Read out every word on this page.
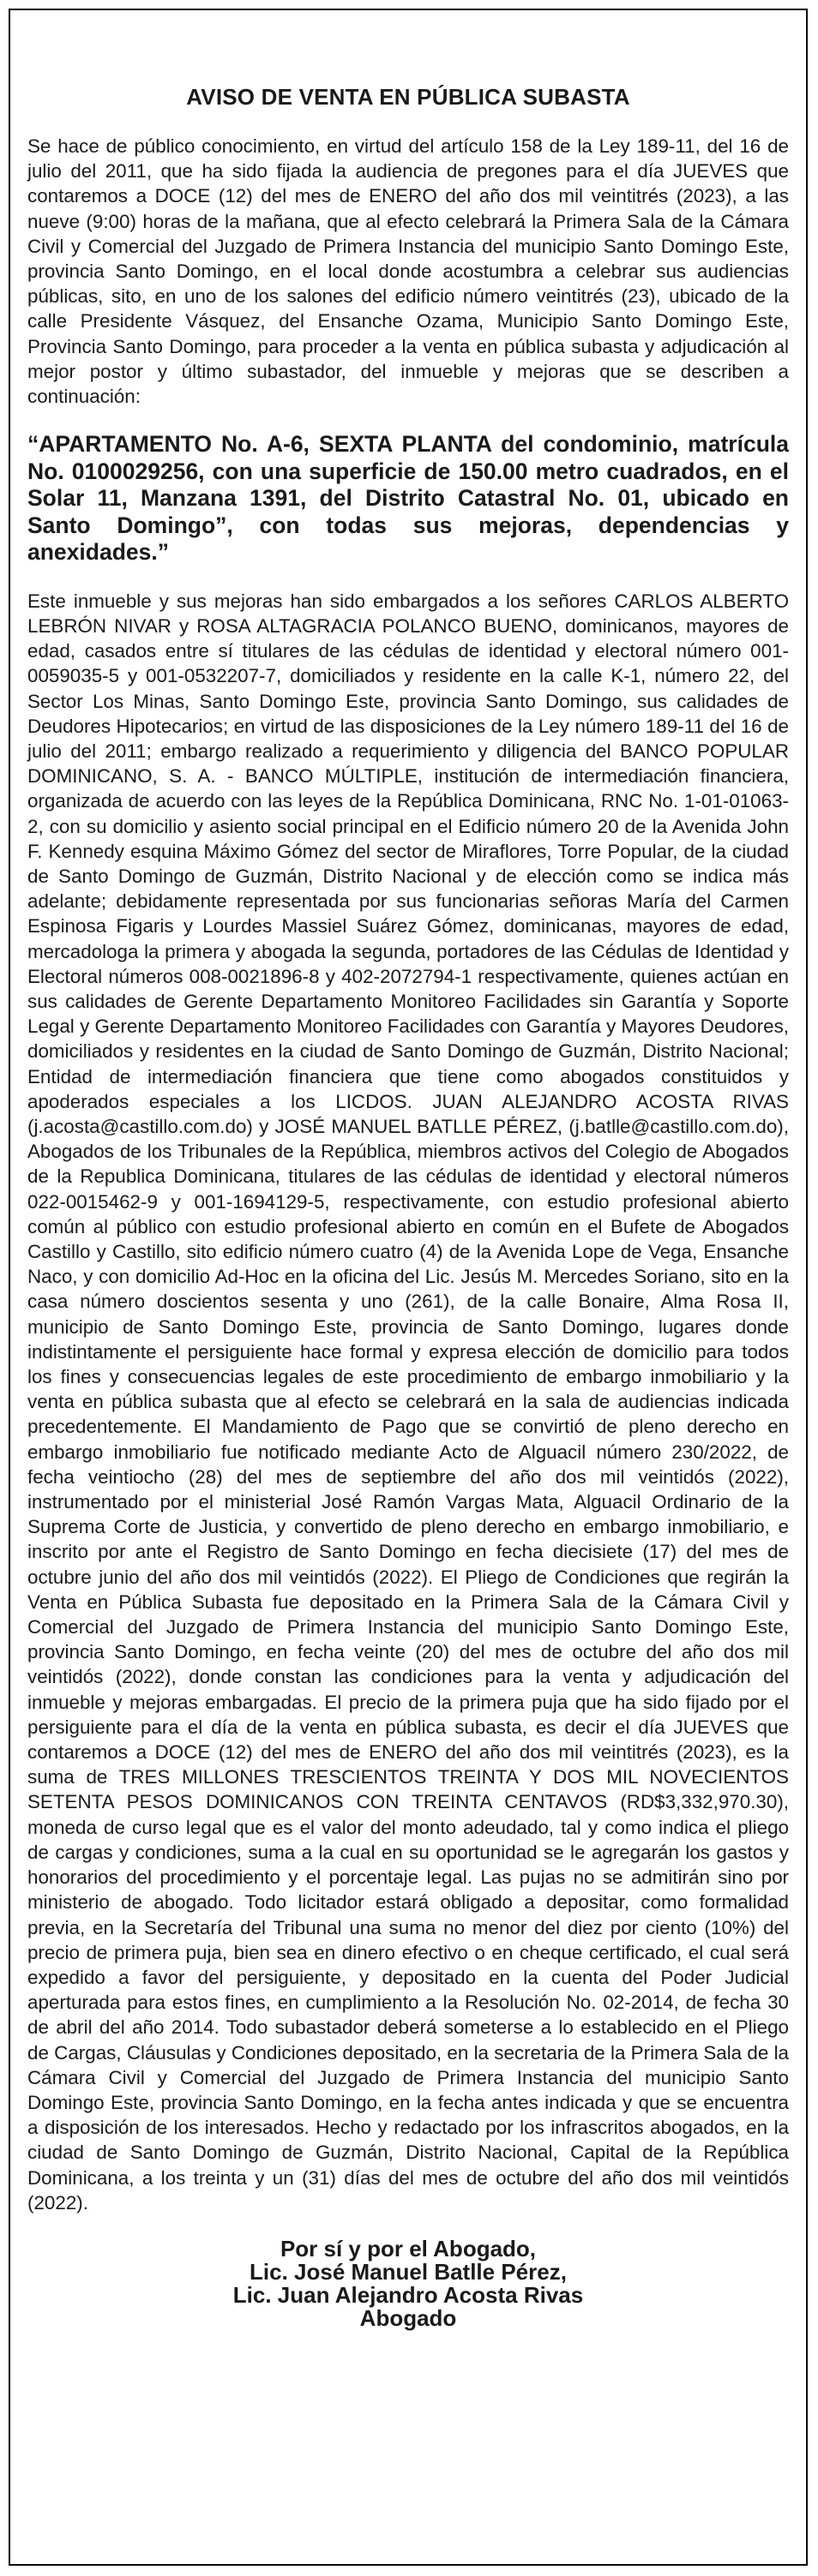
AVISO DE VENTA EN PÚBLICA SUBASTA

Se hace de público conocimiento, en virtud del artículo 158 de la Ley 189-11, del 16 de julio del 2011, que ha sido fijada la audiencia de pregones para el día JUEVES que contaremos a DOCE (12) del mes de ENERO del año dos mil veintitrés (2023), a las nueve (9:00) horas de la mañana, que al efecto celebrará la Primera Sala de la Cámara Civil y Comercial del Juzgado de Primera Instancia del municipio Santo Domingo Este, provincia Santo Domingo, en el local donde acostumbra a celebrar sus audiencias públicas, sito, en uno de los salones del edificio número veintitrés (23), ubicado de la calle Presidente Vásquez, del Ensanche Ozama, Municipio Santo Domingo Este, Provincia Santo Domingo, para proceder a la venta en pública subasta y adjudicación al mejor postor y último subastador, del inmueble y mejoras que se describen a continuación:

“APARTAMENTO No. A-6, SEXTA PLANTA del condominio, matrícula No. 0100029256, con una superficie de 150.00 metro cuadrados, en el Solar 11, Manzana 1391, del Distrito Catastral No. 01, ubicado en Santo Domingo”, con todas sus mejoras, dependencias y anexidades.”

Este inmueble y sus mejoras han sido embargados a los señores CARLOS ALBERTO LEBRÓN NIVAR y ROSA ALTAGRACIA POLANCO BUENO, dominicanos, mayores de edad, casados entre sí titulares de las cédulas de identidad y electoral número 001-0059035-5 y 001-0532207-7, domiciliados y residente en la calle K-1, número 22, del Sector Los Minas, Santo Domingo Este, provincia Santo Domingo, sus calidades de Deudores Hipotecarios; en virtud de las disposiciones de la Ley número 189-11 del 16 de julio del 2011; embargo realizado a requerimiento y diligencia del BANCO POPULAR DOMINICANO, S. A. - BANCO MÚLTIPLE, institución de intermediación financiera, organizada de acuerdo con las leyes de la República Dominicana, RNC No. 1-01-01063-2, con su domicilio y asiento social principal en el Edificio número 20 de la Avenida John F. Kennedy esquina Máximo Gómez del sector de Miraflores, Torre Popular, de la ciudad de Santo Domingo de Guzmán, Distrito Nacional y de elección como se indica más adelante; debidamente representada por sus funcionarias señoras María del Carmen Espinosa Figaris y Lourdes Massiel Suárez Gómez, dominicanas, mayores de edad, mercadologa la primera y abogada la segunda, portadores de las Cédulas de Identidad y Electoral números 008-0021896-8 y 402-2072794-1 respectivamente, quienes actúan en sus calidades de Gerente Departamento Monitoreo Facilidades sin Garantía y Soporte Legal y Gerente Departamento Monitoreo Facilidades con Garantía y Mayores Deudores, domiciliados y residentes en la ciudad de Santo Domingo de Guzmán, Distrito Nacional; Entidad de intermediación financiera que tiene como abogados constituidos y apoderados especiales a los LICDOS. JUAN ALEJANDRO ACOSTA RIVAS (j.acosta@castillo.com.do) y JOSÉ MANUEL BATLLE PÉREZ, (j.batlle@castillo.com.do), Abogados de los Tribunales de la República, miembros activos del Colegio de Abogados de la Republica Dominicana, titulares de las cédulas de identidad y electoral números 022-0015462-9 y 001-1694129-5, respectivamente, con estudio profesional abierto común al público con estudio profesional abierto en común en el Bufete de Abogados Castillo y Castillo, sito edificio número cuatro (4) de la Avenida Lope de Vega, Ensanche Naco, y con domicilio Ad-Hoc en la oficina del Lic. Jesús M. Mercedes Soriano, sito en la casa número doscientos sesenta y uno (261), de la calle Bonaire, Alma Rosa II, municipio de Santo Domingo Este, provincia de Santo Domingo, lugares donde indistintamente el persiguiente hace formal y expresa elección de domicilio para todos los fines y consecuencias legales de este procedimiento de embargo inmobiliario y la venta en pública subasta que al efecto se celebrará en la sala de audiencias indicada precedentemente. El Mandamiento de Pago que se convirtió de pleno derecho en embargo inmobiliario fue notificado mediante Acto de Alguacil número 230/2022, de fecha veintiocho (28) del mes de septiembre del año dos mil veintidós (2022), instrumentado por el ministerial José Ramón Vargas Mata, Alguacil Ordinario de la Suprema Corte de Justicia, y convertido de pleno derecho en embargo inmobiliario, e inscrito por ante el Registro de Santo Domingo en fecha diecisiete (17) del mes de octubre junio del año dos mil veintidós (2022). El Pliego de Condiciones que regirán la Venta en Pública Subasta fue depositado en la Primera Sala de la Cámara Civil y Comercial del Juzgado de Primera Instancia del municipio Santo Domingo Este, provincia Santo Domingo, en fecha veinte (20) del mes de octubre del año dos mil veintidós (2022), donde constan las condiciones para la venta y adjudicación del inmueble y mejoras embargadas. El precio de la primera puja que ha sido fijado por el persiguiente para el día de la venta en pública subasta, es decir el día JUEVES que contaremos a DOCE (12) del mes de ENERO del año dos mil veintitrés (2023), es la suma de TRES MILLONES TRESCIENTOS TREINTA Y DOS MIL NOVECIENTOS SETENTA PESOS DOMINICANOS CON TREINTA CENTAVOS (RD$3,332,970.30), moneda de curso legal que es el valor del monto adeudado, tal y como indica el pliego de cargas y condiciones, suma a la cual en su oportunidad se le agregarán los gastos y honorarios del procedimiento y el porcentaje legal. Las pujas no se admitirán sino por ministerio de abogado. Todo licitador estará obligado a depositar, como formalidad previa, en la Secretaría del Tribunal una suma no menor del diez por ciento (10%) del precio de primera puja, bien sea en dinero efectivo o en cheque certificado, el cual será expedido a favor del persiguiente, y depositado en la cuenta del Poder Judicial aperturada para estos fines, en cumplimiento a la Resolución No. 02-2014, de fecha 30 de abril del año 2014. Todo subastador deberá someterse a lo establecido en el Pliego de Cargas, Cláusulas y Condiciones depositado, en la secretaria de la Primera Sala de la Cámara Civil y Comercial del Juzgado de Primera Instancia del municipio Santo Domingo Este, provincia Santo Domingo, en la fecha antes indicada y que se encuentra a disposición de los interesados. Hecho y redactado por los infrascritos abogados, en la ciudad de Santo Domingo de Guzmán, Distrito Nacional, Capital de la República Dominicana, a los treinta y un (31) días del mes de octubre del año dos mil veintidós (2022).

Por sí y por el Abogado,
Lic. José Manuel Batlle Pérez,
Lic. Juan Alejandro Acosta Rivas
Abogado
